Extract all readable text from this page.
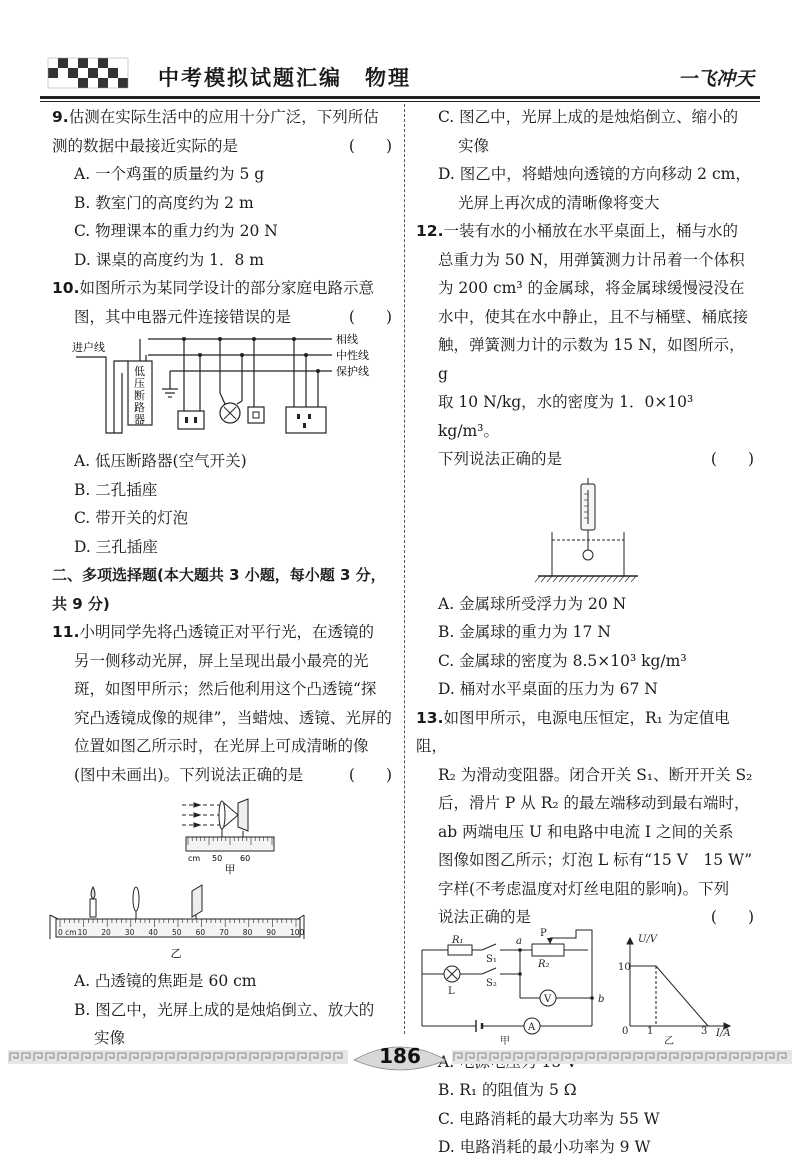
中考模拟试题汇编　物理	一飞冲天
9.估测在实际生活中的应用十分广泛，下列所估
测的数据中最接近实际的是	(　　)
A. 一个鸡蛋的质量约为 5 g
B. 教室门的高度约为 2 m
C. 物理课本的重力约为 20 N
D. 课桌的高度约为 1．8 m
10.如图所示为某同学设计的部分家庭电路示意
图，其中电器元件连接错误的是	(　　)
进户线
相线
中性线
保护线
低压断路器
A. 低压断路器(空气开关)
B. 二孔插座
C. 带开关的灯泡
D. 三孔插座
二、多项选择题(本大题共 3 小题，每小题 3 分，
共 9 分)
11.小明同学先将凸透镜正对平行光，在透镜的
另一侧移动光屏，屏上呈现出最小最亮的光
斑，如图甲所示；然后他利用这个凸透镜“探
究凸透镜成像的规律”，当蜡烛、透镜、光屏的
位置如图乙所示时，在光屏上可成清晰的像
(图中未画出)。下列说法正确的是	(　　)
cm 50 60
甲
0 cm 10 20 30 40 50 60 70 80 90 100
乙
A. 凸透镜的焦距是 60 cm
B. 图乙中，光屏上成的是烛焰倒立、放大的
实像
C. 图乙中，光屏上成的是烛焰倒立、缩小的
实像
D. 图乙中，将蜡烛向透镜的方向移动 2 cm，
光屏上再次成的清晰像将变大
12.一装有水的小桶放在水平桌面上，桶与水的
总重力为 50 N，用弹簧测力计吊着一个体积
为 200 cm³ 的金属球，将金属球缓慢浸没在
水中，使其在水中静止，且不与桶壁、桶底接
触，弹簧测力计的示数为 15 N，如图所示，g
取 10 N/kg，水的密度为 1．0×10³ kg/m³。
下列说法正确的是	(　　)
A. 金属球所受浮力为 20 N
B. 金属球的重力为 17 N
C. 金属球的密度为 8.5×10³ kg/m³
D. 桶对水平桌面的压力为 67 N
13.如图甲所示，电源电压恒定，R₁ 为定值电阻，
R₂ 为滑动变阻器。闭合开关 S₁、断开开关 S₂
后，滑片 P 从 R₂ 的最左端移动到最右端时，
ab 两端电压 U 和电路中电流 I 之间的关系
图像如图乙所示；灯泡 L 标有“15 V　15 W”
字样(不考虑温度对灯丝电阻的影响)。下列
说法正确的是	(　　)
R₁
S₁
a
P
R₂
L
S₂
V	b
A
甲
U/V
I/A
10
0 1	3
乙
A.
B. R₁ 的阻值为 5 Ω
C. 电路消耗的最大功率为 55 W
D. 电路消耗的最小功率为 9 W
186
